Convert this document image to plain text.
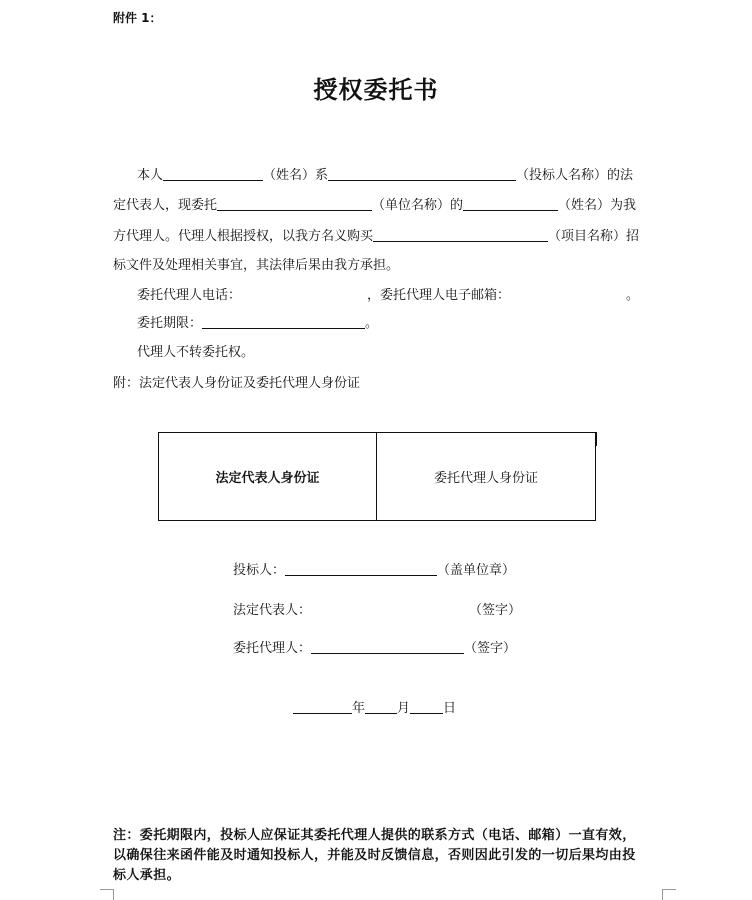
附件 1：
授权委托书
本人	（姓名）系	（投标人名称）的法
定代表人，现委托	（单位名称）的	（姓名）为我
方代理人。代理人根据授权，以我方名义购买	（项目名称）招
标文件及处理相关事宜，其法律后果由我方承担。
委托代理人电话：	，委托代理人电子邮箱：	。
委托期限：	。
代理人不转委托权。
附：法定代表人身份证及委托代理人身份证
法定代表人身份证	委托代理人身份证
投标人：	（盖单位章）
法定代表人：	（签字）
委托代理人：	（签字）
年 月	日
注：委托期限内，投标人应保证其委托代理人提供的联系方式（电话、邮箱）一直有效，
以确保往来函件能及时通知投标人，并能及时反馈信息，否则因此引发的一切后果均由投
标人承担。
